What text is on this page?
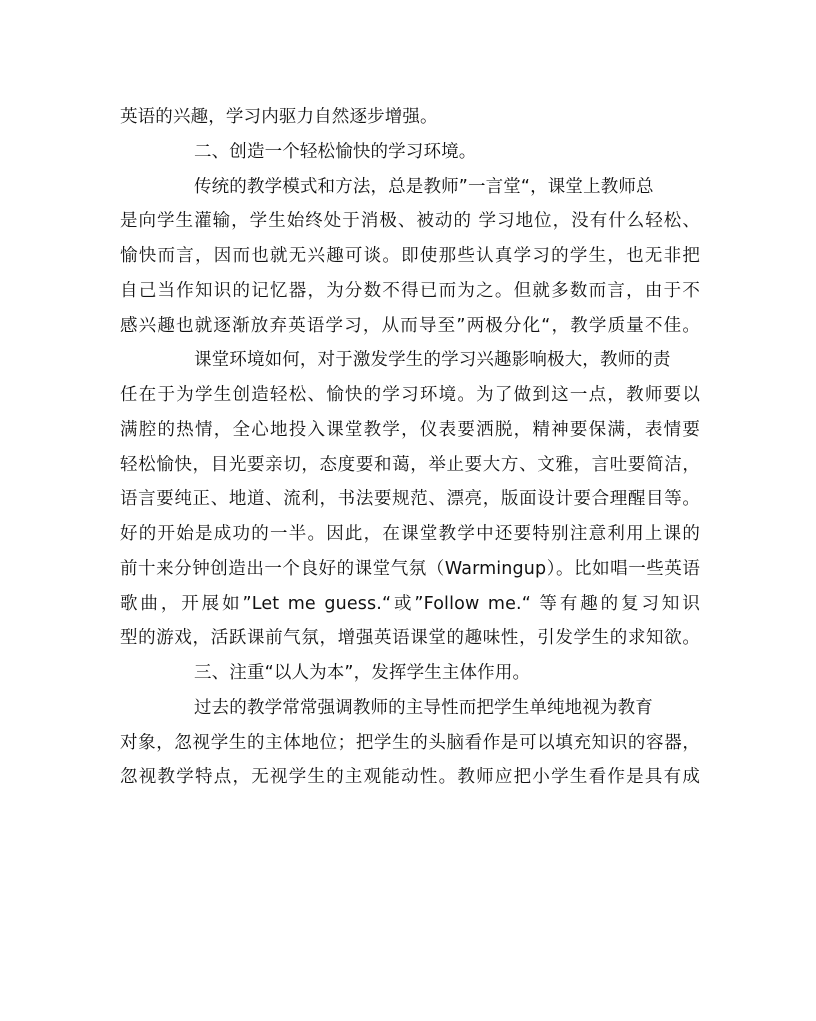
英语的兴趣，学习内驱力自然逐步增强。
二、创造一个轻松愉快的学习环境。
传统的教学模式和方法，总是教师”一言堂“，课堂上教师总
是向学生灌输，学生始终处于消极、被动的 学习地位，没有什么轻松、
愉快而言，因而也就无兴趣可谈。即使那些认真学习的学生，也无非把
自己当作知识的记忆器，为分数不得已而为之。但就多数而言，由于不
感兴趣也就逐渐放弃英语学习，从而导至”两极分化“，教学质量不佳。
课堂环境如何，对于激发学生的学习兴趣影响极大，教师的责
任在于为学生创造轻松、愉快的学习环境。为了做到这一点，教师要以
满腔的热情，全心地投入课堂教学，仪表要洒脱，精神要保满，表情要
轻松愉快，目光要亲切，态度要和蔼，举止要大方、文雅，言吐要简洁，
语言要纯正、地道、流利，书法要规范、漂亮，版面设计要合理醒目等。
好的开始是成功的一半。因此，在课堂教学中还要特别注意利用上课的
前十来分钟创造出一个良好的课堂气氛（Warmingup）。比如唱一些英语
歌曲，开展如”Let me guess.“或”Follow me.“ 等有趣的复习知识
型的游戏，活跃课前气氛，增强英语课堂的趣味性，引发学生的求知欲。
三、注重“以人为本”，发挥学生主体作用。
过去的教学常常强调教师的主导性而把学生单纯地视为教育
对象，忽视学生的主体地位；把学生的头脑看作是可以填充知识的容器，
忽视教学特点，无视学生的主观能动性。教师应把小学生看作是具有成
